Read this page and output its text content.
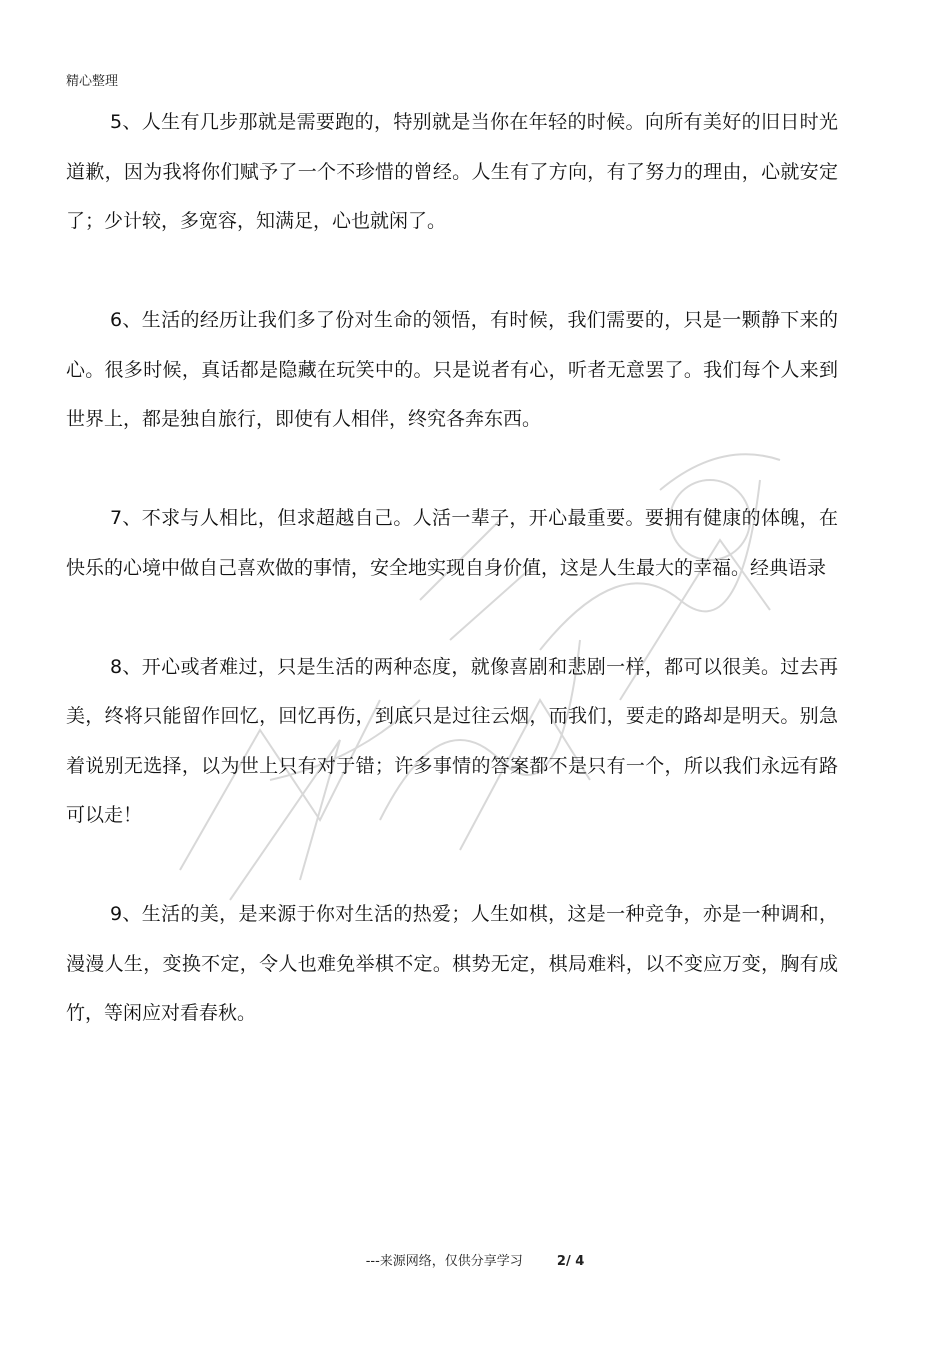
精心整理

5、人生有几步那就是需要跑的，特别就是当你在年轻的时候。向所有美好的旧日时光道歉，因为我将你们赋予了一个不珍惜的曾经。人生有了方向，有了努力的理由，心就安定了；少计较，多宽容，知满足，心也就闲了。

6、生活的经历让我们多了份对生命的领悟，有时候，我们需要的，只是一颗静下来的心。很多时候，真话都是隐藏在玩笑中的。只是说者有心，听者无意罢了。我们每个人来到世界上，都是独自旅行，即使有人相伴，终究各奔东西。

7、不求与人相比，但求超越自己。人活一辈子，开心最重要。要拥有健康的体魄，在快乐的心境中做自己喜欢做的事情，安全地实现自身价值，这是人生最大的幸福。经典语录

8、开心或者难过，只是生活的两种态度，就像喜剧和悲剧一样，都可以很美。过去再美，终将只能留作回忆，回忆再伤，到底只是过往云烟，而我们，要走的路却是明天。别急着说别无选择，以为世上只有对于错；许多事情的答案都不是只有一个，所以我们永远有路可以走！

9、生活的美，是来源于你对生活的热爱；人生如棋，这是一种竞争，亦是一种调和，漫漫人生，变换不定，令人也难免举棋不定。棋势无定，棋局难料，以不变应万变，胸有成竹，等闲应对看春秋。

---来源网络，仅供分享学习	2/ 4
